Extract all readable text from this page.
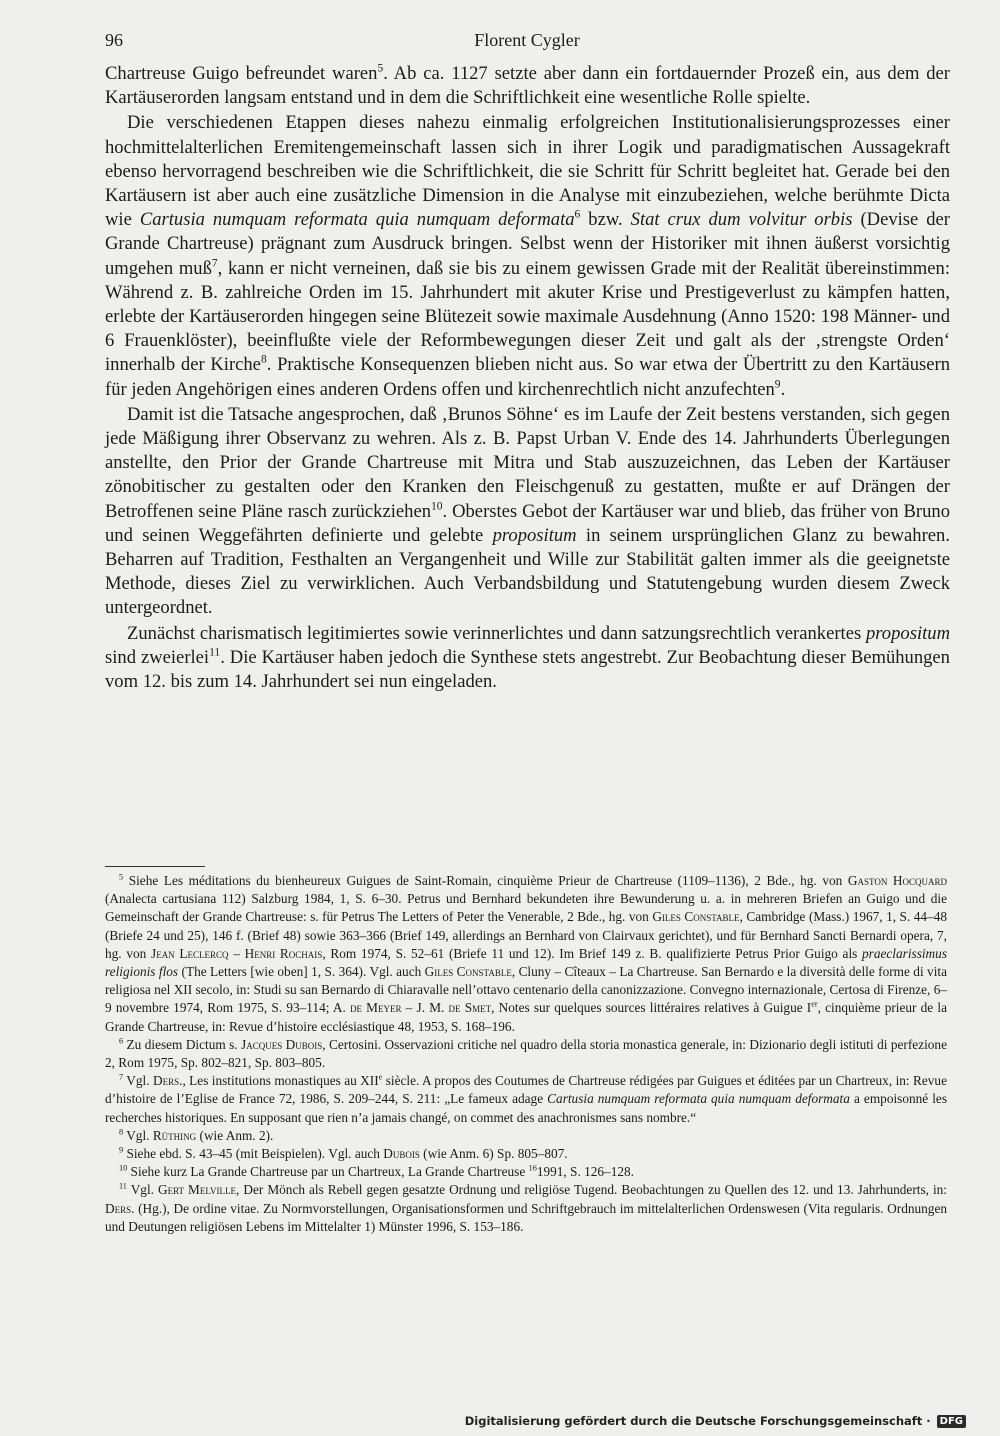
96	Florent Cygler

Chartreuse Guigo befreundet waren$^5$. Ab ca. 1127 setzte aber dann ein fortdauernder Prozeß ein, aus dem der Kartäuserorden langsam entstand und in dem die Schriftlichkeit eine wesentliche Rolle spielte.

Die verschiedenen Etappen dieses nahezu einmalig erfolgreichen Institutionalisierungsprozesses einer hochmittelalterlichen Eremitengemeinschaft lassen sich in ihrer Logik und paradigmatischen Aussagekraft ebenso hervorragend beschreiben wie die Schriftlichkeit, die sie Schritt für Schritt begleitet hat. Gerade bei den Kartäusern ist aber auch eine zusätzliche Dimension in die Analyse mit einzubeziehen, welche berühmte Dicta wie Cartusia numquam reformata quia numquam deformata$^6$ bzw. Stat crux dum volvitur orbis (Devise der Grande Chartreuse) prägnant zum Ausdruck bringen. Selbst wenn der Historiker mit ihnen äußerst vorsichtig umgehen muß$^7$, kann er nicht verneinen, daß sie bis zu einem gewissen Grade mit der Realität übereinstimmen: Während z. B. zahlreiche Orden im 15. Jahrhundert mit akuter Krise und Prestigeverlust zu kämpfen hatten, erlebte der Kartäuserorden hingegen seine Blütezeit sowie maximale Ausdehnung (Anno 1520: 198 Männer- und 6 Frauenklöster), beeinflußte viele der Reformbewegungen dieser Zeit und galt als der ‚strengste Orden‘ innerhalb der Kirche$^8$. Praktische Konsequenzen blieben nicht aus. So war etwa der Übertritt zu den Kartäusern für jeden Angehörigen eines anderen Ordens offen und kirchenrechtlich nicht anzufechten$^9$.

Damit ist die Tatsache angesprochen, daß ‚Brunos Söhne‘ es im Laufe der Zeit bestens verstanden, sich gegen jede Mäßigung ihrer Observanz zu wehren. Als z. B. Papst Urban V. Ende des 14. Jahrhunderts Überlegungen anstellte, den Prior der Grande Chartreuse mit Mitra und Stab auszuzeichnen, das Leben der Kartäuser zönobitischer zu gestalten oder den Kranken den Fleischgenuß zu gestatten, mußte er auf Drängen der Betroffenen seine Pläne rasch zurückziehen$^{10}$. Oberstes Gebot der Kartäuser war und blieb, das früher von Bruno und seinen Weggefährten definierte und gelebte propositum in seinem ursprünglichen Glanz zu bewahren. Beharren auf Tradition, Festhalten an Vergangenheit und Wille zur Stabilität galten immer als die geeignetste Methode, dieses Ziel zu verwirklichen. Auch Verbandsbildung und Statutengebung wurden diesem Zweck untergeordnet.

Zunächst charismatisch legitimiertes sowie verinnerlichtes und dann satzungsrechtlich verankertes propositum sind zweierlei$^{11}$. Die Kartäuser haben jedoch die Synthese stets angestrebt. Zur Beobachtung dieser Bemühungen vom 12. bis zum 14. Jahrhundert sei nun eingeladen.

$^5$ Siehe Les méditations du bienheureux Guigues de Saint-Romain, cinquième Prieur de Chartreuse (1109–1136), 2 Bde., hg. von Gaston Hocquard (Analecta cartusiana 112) Salzburg 1984, 1, S. 6–30. Petrus und Bernhard bekundeten ihre Bewunderung u. a. in mehreren Briefen an Guigo und die Gemeinschaft der Grande Chartreuse: s. für Petrus The Letters of Peter the Venerable, 2 Bde., hg. von Giles Constable, Cambridge (Mass.) 1967, 1, S. 44–48 (Briefe 24 und 25), 146 f. (Brief 48) sowie 363–366 (Brief 149, allerdings an Bernhard von Clairvaux gerichtet), und für Bernhard Sancti Bernardi opera, 7, hg. von Jean Leclercq – Henri Rochais, Rom 1974, S. 52–61 (Briefe 11 und 12). Im Brief 149 z. B. qualifizierte Petrus Prior Guigo als praeclarissimus religionis flos (The Letters [wie oben] 1, S. 364). Vgl. auch Giles Constable, Cluny – Cîteaux – La Chartreuse. San Bernardo e la diversità delle forme di vita religiosa nel XII secolo, in: Studi su san Bernardo di Chiaravalle nell’ottavo centenario della canonizzazione. Convegno internazionale, Certosa di Firenze, 6–9 novembre 1974, Rom 1975, S. 93–114; A. de Meyer – J. M. de Smet, Notes sur quelques sources littéraires relatives à Guigue Ier, cinquième prieur de la Grande Chartreuse, in: Revue d’histoire ecclésiastique 48, 1953, S. 168–196.

$^6$ Zu diesem Dictum s. Jacques Dubois, Certosini. Osservazioni critiche nel quadro della storia monastica generale, in: Dizionario degli istituti di perfezione 2, Rom 1975, Sp. 802–821, Sp. 803–805.

$^7$ Vgl. Ders., Les institutions monastiques au XIIe siècle. A propos des Coutumes de Chartreuse rédigées par Guigues et éditées par un Chartreux, in: Revue d’histoire de l’Eglise de France 72, 1986, S. 209–244, S. 211: „Le fameux adage Cartusia numquam reformata quia numquam deformata a empoisonné les recherches historiques. En supposant que rien n’a jamais changé, on commet des anachronismes sans nombre.“

$^8$ Vgl. Rüthing (wie Anm. 2).

$^9$ Siehe ebd. S. 43–45 (mit Beispielen). Vgl. auch Dubois (wie Anm. 6) Sp. 805–807.

$^{10}$ Siehe kurz La Grande Chartreuse par un Chartreux, La Grande Chartreuse $^{16}$1991, S. 126–128.

$^{11}$ Vgl. Gert Melville, Der Mönch als Rebell gegen gesatzte Ordnung und religiöse Tugend. Beobachtungen zu Quellen des 12. und 13. Jahrhunderts, in: Ders. (Hg.), De ordine vitae. Zu Normvorstellungen, Organisationsformen und Schriftgebrauch im mittelalterlichen Ordenswesen (Vita regularis. Ordnungen und Deutungen religiösen Lebens im Mittelalter 1) Münster 1996, S. 153–186.

Digitalisierung gefördert durch die Deutsche Forschungsgemeinschaft · DFG
